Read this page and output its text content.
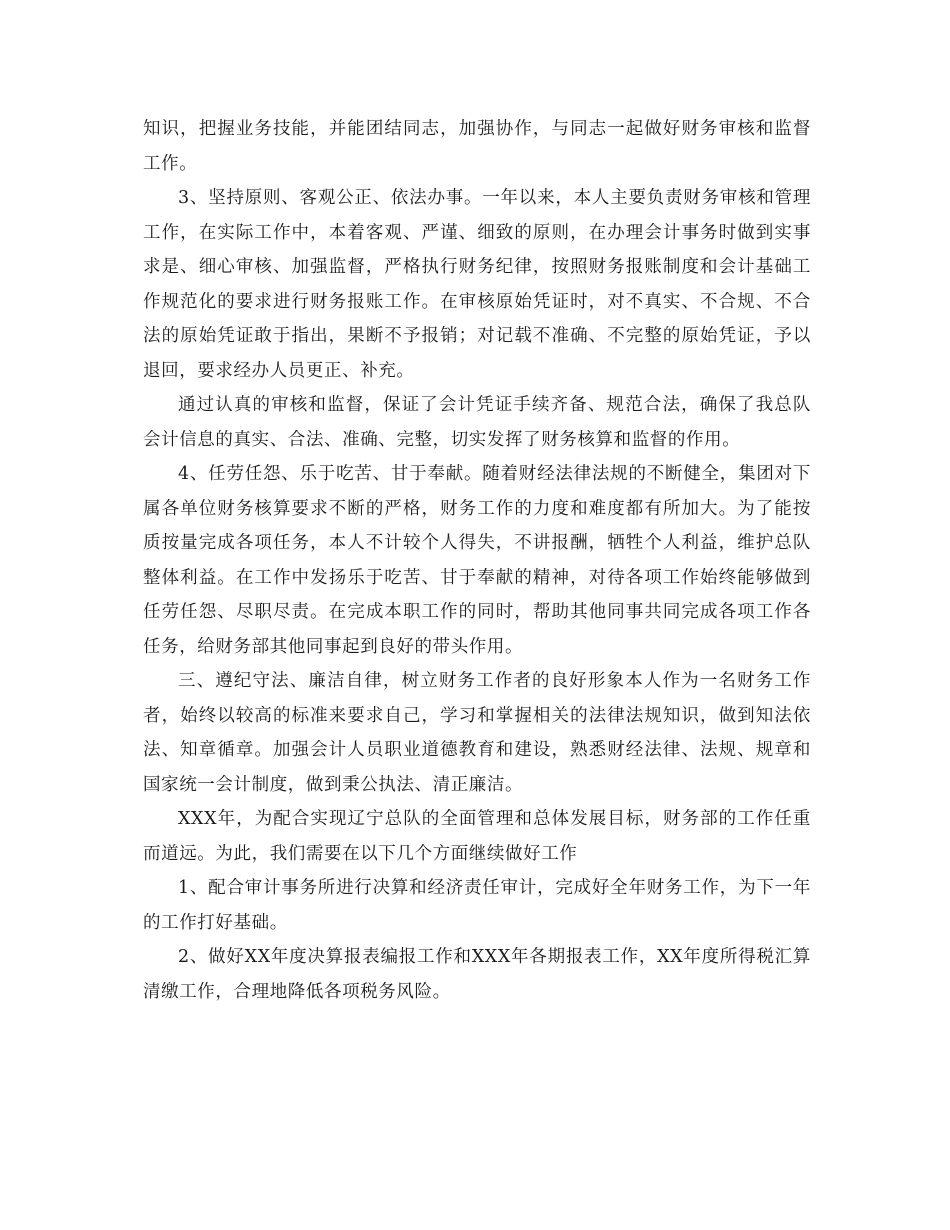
知识，把握业务技能，并能团结同志，加强协作，与同志一起做好财务审核和监督工作。

3、坚持原则、客观公正、依法办事。一年以来，本人主要负责财务审核和管理工作，在实际工作中，本着客观、严谨、细致的原则，在办理会计事务时做到实事求是、细心审核、加强监督，严格执行财务纪律，按照财务报账制度和会计基础工作规范化的要求进行财务报账工作。在审核原始凭证时，对不真实、不合规、不合法的原始凭证敢于指出，果断不予报销；对记载不准确、不完整的原始凭证，予以退回，要求经办人员更正、补充。

通过认真的审核和监督，保证了会计凭证手续齐备、规范合法，确保了我总队会计信息的真实、合法、准确、完整，切实发挥了财务核算和监督的作用。

4、任劳任怨、乐于吃苦、甘于奉献。随着财经法律法规的不断健全，集团对下属各单位财务核算要求不断的严格，财务工作的力度和难度都有所加大。为了能按质按量完成各项任务，本人不计较个人得失，不讲报酬，牺牲个人利益，维护总队整体利益。在工作中发扬乐于吃苦、甘于奉献的精神，对待各项工作始终能够做到任劳任怨、尽职尽责。在完成本职工作的同时，帮助其他同事共同完成各项工作各任务，给财务部其他同事起到良好的带头作用。

三、遵纪守法、廉洁自律，树立财务工作者的良好形象本人作为一名财务工作者，始终以较高的标准来要求自己，学习和掌握相关的法律法规知识，做到知法依法、知章循章。加强会计人员职业道德教育和建设，熟悉财经法律、法规、规章和国家统一会计制度，做到秉公执法、清正廉洁。

XXX年，为配合实现辽宁总队的全面管理和总体发展目标，财务部的工作任重而道远。为此，我们需要在以下几个方面继续做好工作

1、配合审计事务所进行决算和经济责任审计，完成好全年财务工作，为下一年的工作打好基础。

2、做好XX年度决算报表编报工作和XXX年各期报表工作，XX年度所得税汇算清缴工作，合理地降低各项税务风险。
